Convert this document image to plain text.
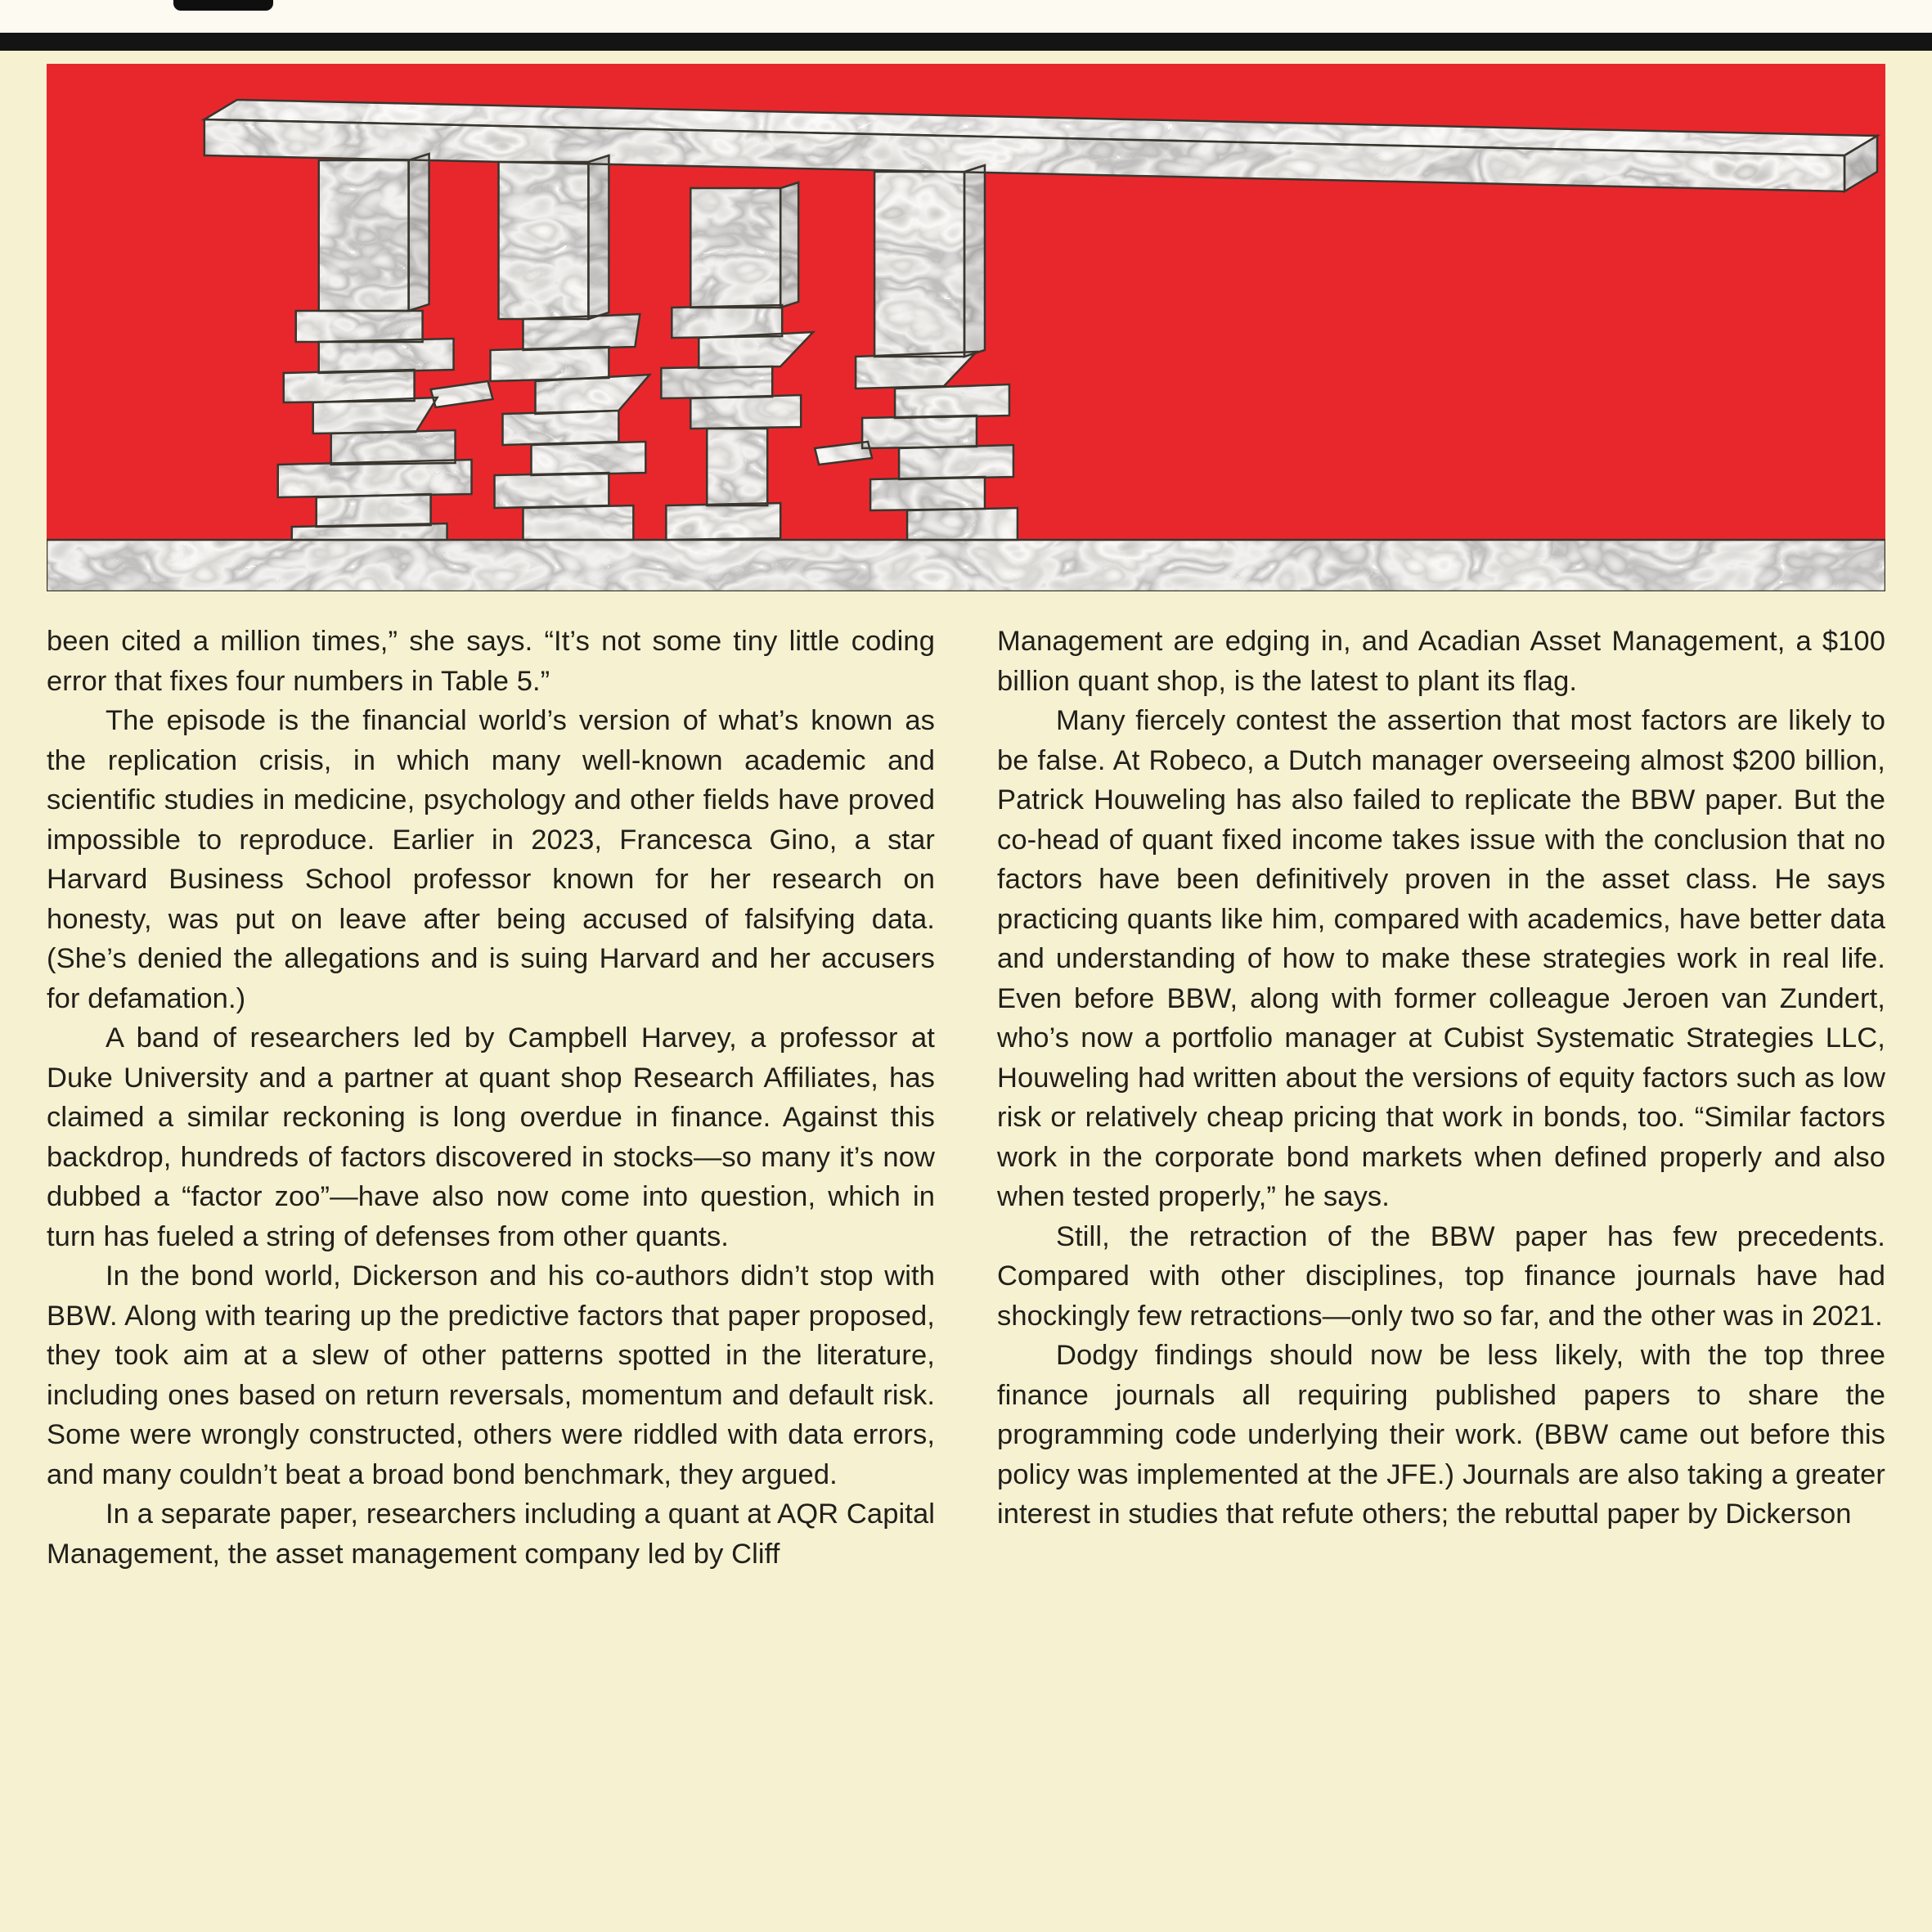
been cited a million times,” she says. “It’s not some tiny little coding error that fixes four numbers in Table 5.”

The episode is the financial world’s version of what’s known as the replication crisis, in which many well-known academic and scientific studies in medicine, psychology and other fields have proved impossible to reproduce. Earlier in 2023, Francesca Gino, a star Harvard Business School professor known for her research on honesty, was put on leave after being accused of falsifying data. (She’s denied the allegations and is suing Harvard and her accusers for defamation.)

A band of researchers led by Campbell Harvey, a professor at Duke University and a partner at quant shop Research Affiliates, has claimed a similar reckoning is long overdue in finance. Against this backdrop, hundreds of factors discovered in stocks—so many it’s now dubbed a “factor zoo”—have also now come into question, which in turn has fueled a string of defenses from other quants.

In the bond world, Dickerson and his co-authors didn’t stop with BBW. Along with tearing up the predictive factors that paper proposed, they took aim at a slew of other patterns spotted in the literature, including ones based on return reversals, momentum and default risk. Some were wrongly constructed, others were riddled with data errors, and many couldn’t beat a broad bond benchmark, they argued.

In a separate paper, researchers including a quant at AQR Capital Management, the asset management company led by Cliff

Management are edging in, and Acadian Asset Management, a $100 billion quant shop, is the latest to plant its flag.

Many fiercely contest the assertion that most factors are likely to be false. At Robeco, a Dutch manager overseeing almost $200 billion, Patrick Houweling has also failed to replicate the BBW paper. But the co-head of quant fixed income takes issue with the conclusion that no factors have been definitively proven in the asset class. He says practicing quants like him, compared with academics, have better data and understanding of how to make these strategies work in real life. Even before BBW, along with former colleague Jeroen van Zundert, who’s now a portfolio manager at Cubist Systematic Strategies LLC, Houweling had written about the versions of equity factors such as low risk or relatively cheap pricing that work in bonds, too. “Similar factors work in the corporate bond markets when defined properly and also when tested properly,” he says.

Still, the retraction of the BBW paper has few precedents. Compared with other disciplines, top finance journals have had shockingly few retractions—only two so far, and the other was in 2021.

Dodgy findings should now be less likely, with the top three finance journals all requiring published papers to share the programming code underlying their work. (BBW came out before this policy was implemented at the JFE.) Journals are also taking a greater interest in studies that refute others; the rebuttal paper by Dickerson
